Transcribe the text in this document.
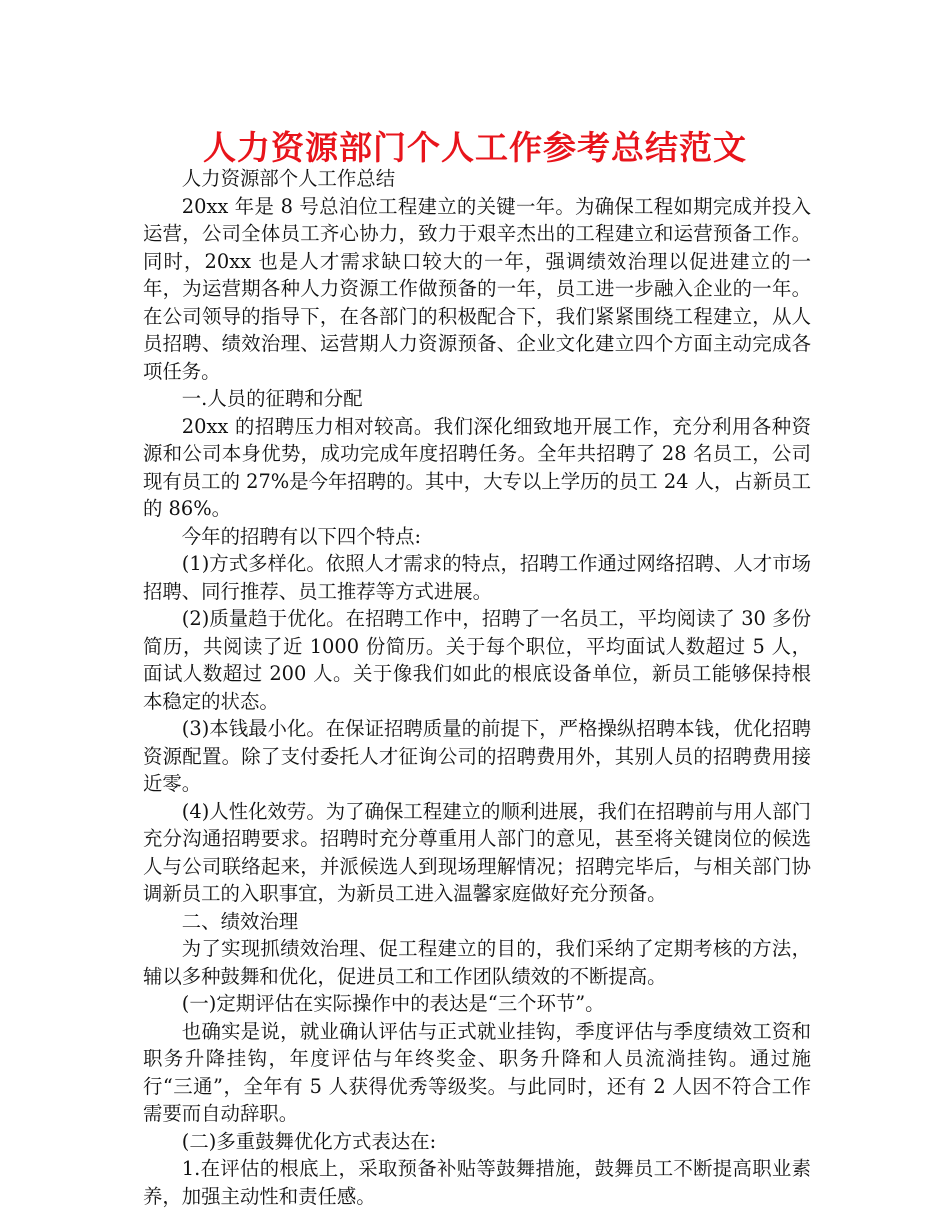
人力资源部门个人工作参考总结范文

人力资源部个人工作总结

20xx 年是 8 号总泊位工程建立的关键一年。为确保工程如期完成并投入运营，公司全体员工齐心协力，致力于艰辛杰出的工程建立和运营预备工作。同时，20xx 也是人才需求缺口较大的一年，强调绩效治理以促进建立的一年，为运营期各种人力资源工作做预备的一年，员工进一步融入企业的一年。在公司领导的指导下，在各部门的积极配合下，我们紧紧围绕工程建立，从人员招聘、绩效治理、运营期人力资源预备、企业文化建立四个方面主动完成各项任务。

一.人员的征聘和分配

20xx 的招聘压力相对较高。我们深化细致地开展工作，充分利用各种资源和公司本身优势，成功完成年度招聘任务。全年共招聘了 28 名员工，公司现有员工的 27%是今年招聘的。其中，大专以上学历的员工 24 人，占新员工的 86%。

今年的招聘有以下四个特点:

(1)方式多样化。依照人才需求的特点，招聘工作通过网络招聘、人才市场招聘、同行推荐、员工推荐等方式进展。

(2)质量趋于优化。在招聘工作中，招聘了一名员工，平均阅读了 30 多份简历，共阅读了近 1000 份简历。关于每个职位，平均面试人数超过 5 人，面试人数超过 200 人。关于像我们如此的根底设备单位，新员工能够保持根本稳定的状态。

(3)本钱最小化。在保证招聘质量的前提下，严格操纵招聘本钱，优化招聘资源配置。除了支付委托人才征询公司的招聘费用外，其别人员的招聘费用接近零。

(4)人性化效劳。为了确保工程建立的顺利进展，我们在招聘前与用人部门充分沟通招聘要求。招聘时充分尊重用人部门的意见，甚至将关键岗位的候选人与公司联络起来，并派候选人到现场理解情况；招聘完毕后，与相关部门协调新员工的入职事宜，为新员工进入温馨家庭做好充分预备。

二、绩效治理

为了实现抓绩效治理、促工程建立的目的，我们采纳了定期考核的方法，辅以多种鼓舞和优化，促进员工和工作团队绩效的不断提高。

(一)定期评估在实际操作中的表达是“三个环节”。

也确实是说，就业确认评估与正式就业挂钩，季度评估与季度绩效工资和职务升降挂钩，年度评估与年终奖金、职务升降和人员流淌挂钩。通过施行“三通”，全年有 5 人获得优秀等级奖。与此同时，还有 2 人因不符合工作需要而自动辞职。

(二)多重鼓舞优化方式表达在:

1.在评估的根底上，采取预备补贴等鼓舞措施，鼓舞员工不断提高职业素养，加强主动性和责任感。
